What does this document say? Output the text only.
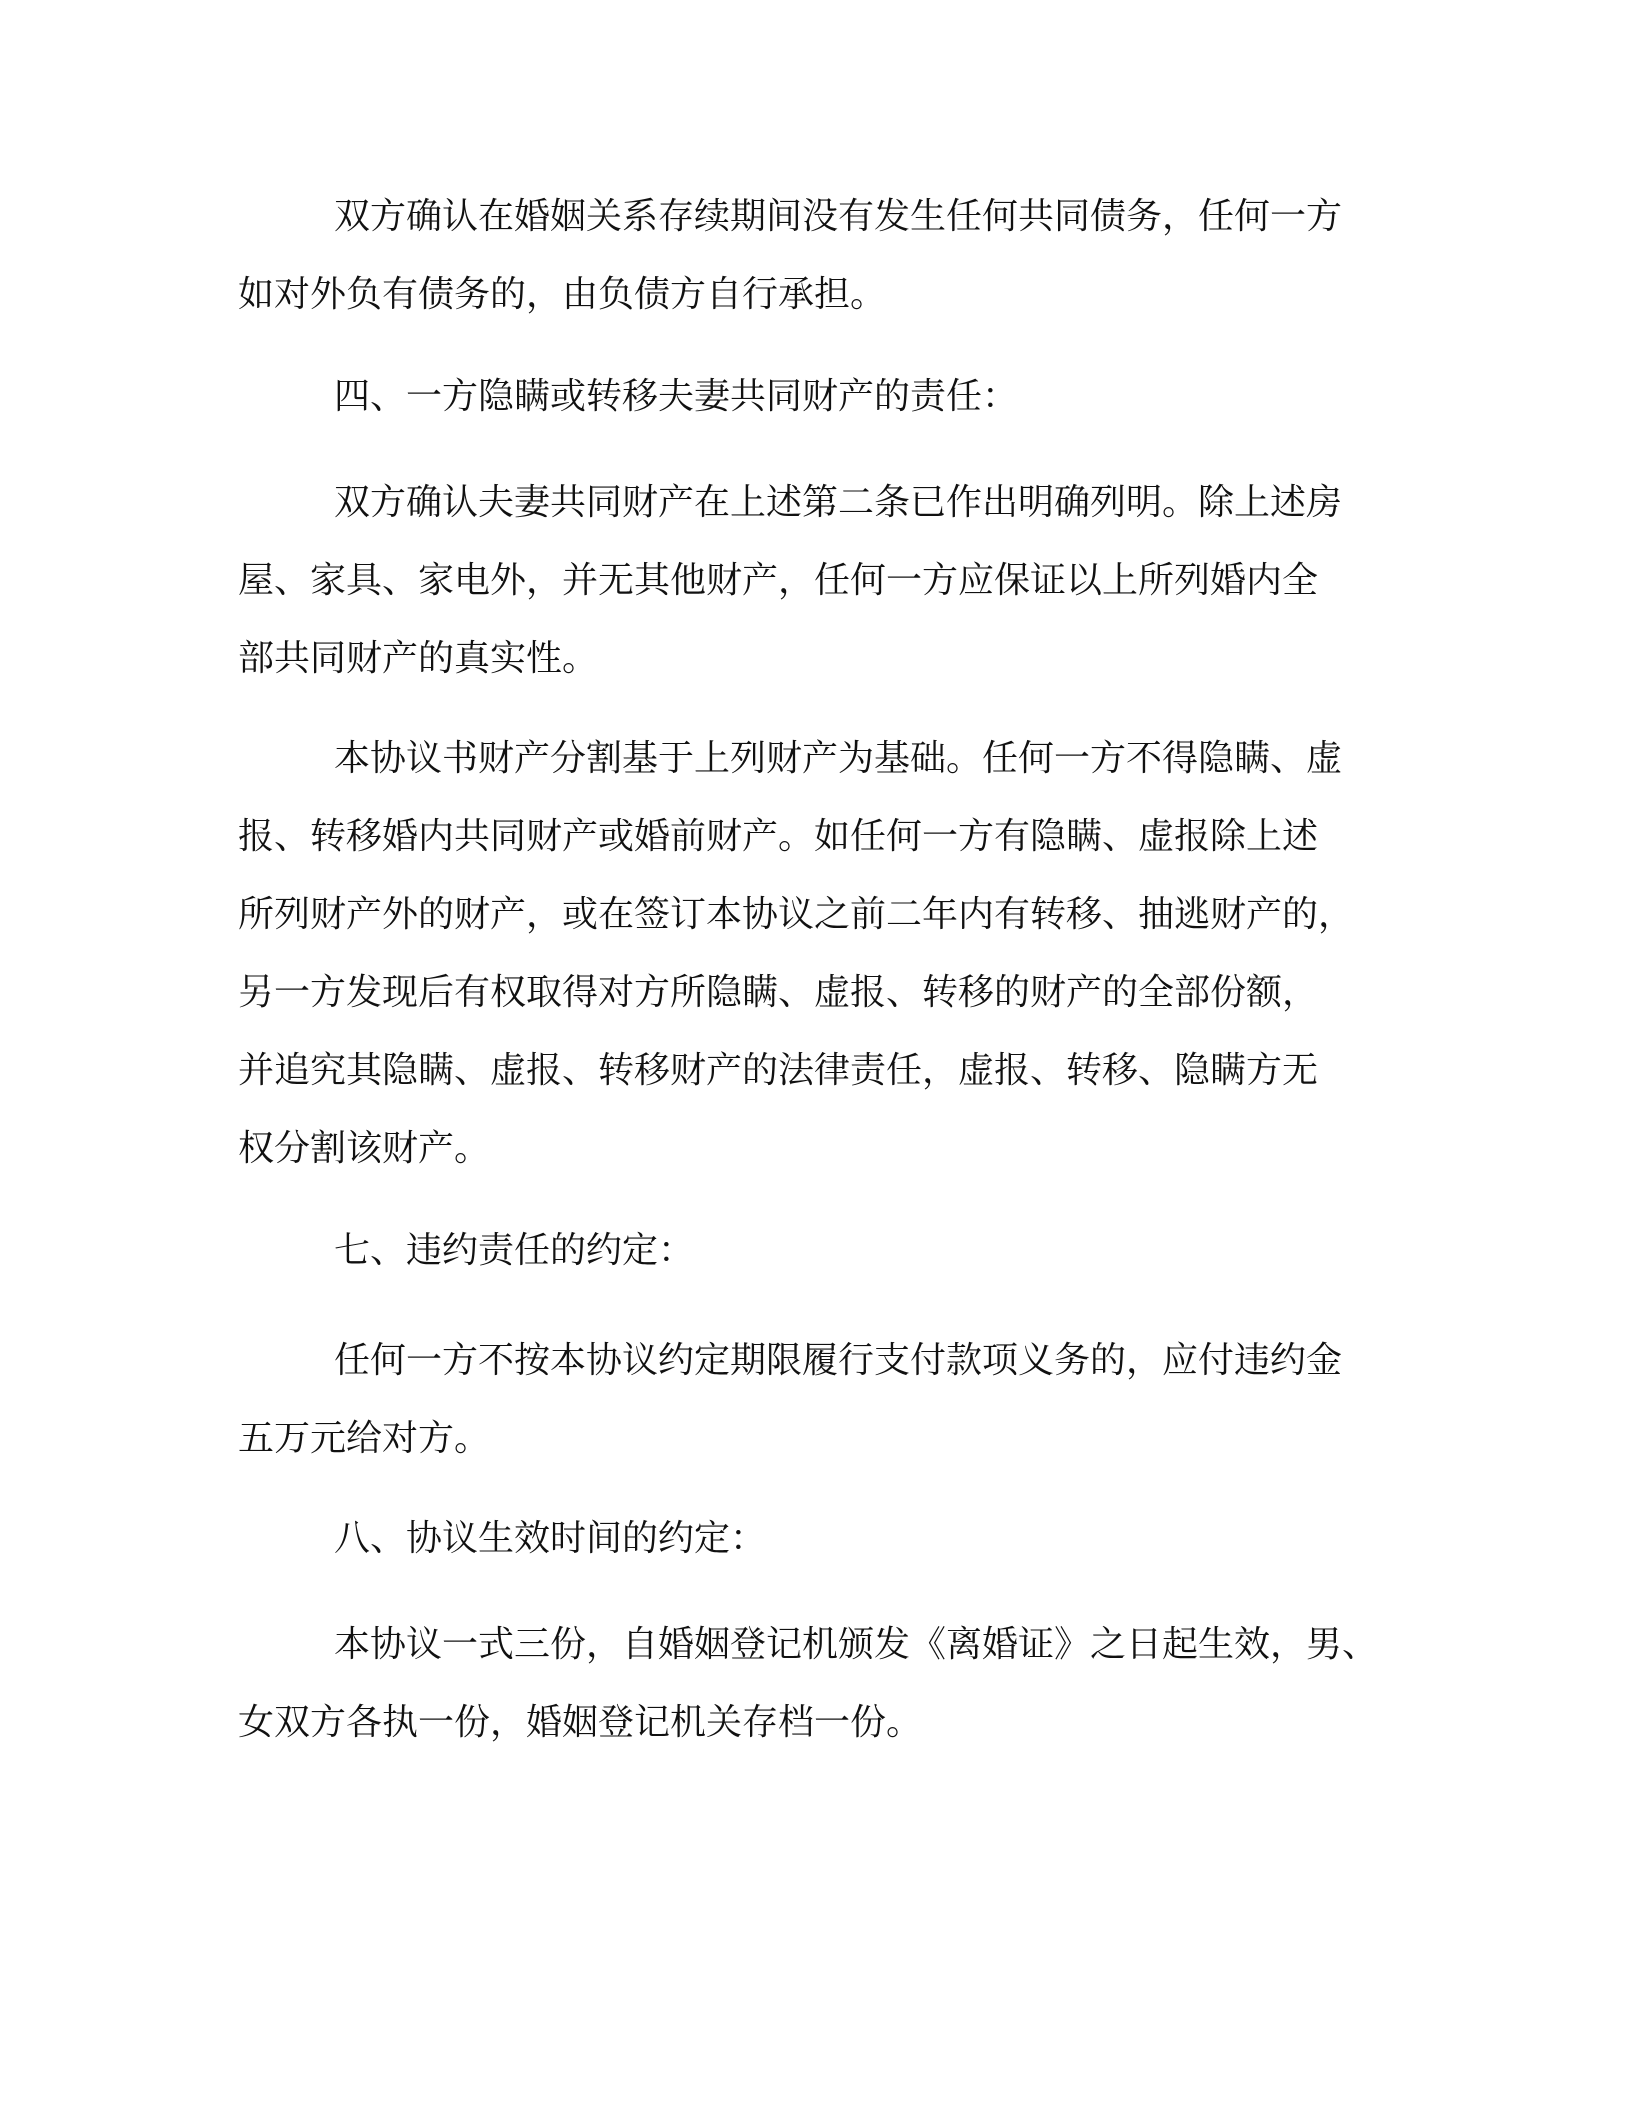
双方确认在婚姻关系存续期间没有发生任何共同债务，任何一方
如对外负有债务的，由负债方自行承担。
四、一方隐瞒或转移夫妻共同财产的责任：
双方确认夫妻共同财产在上述第二条已作出明确列明。除上述房
屋、家具、家电外，并无其他财产，任何一方应保证以上所列婚内全
部共同财产的真实性。
本协议书财产分割基于上列财产为基础。任何一方不得隐瞒、虚
报、转移婚内共同财产或婚前财产。如任何一方有隐瞒、虚报除上述
所列财产外的财产，或在签订本协议之前二年内有转移、抽逃财产的，
另一方发现后有权取得对方所隐瞒、虚报、转移的财产的全部份额，
并追究其隐瞒、虚报、转移财产的法律责任，虚报、转移、隐瞒方无
权分割该财产。
七、违约责任的约定：
任何一方不按本协议约定期限履行支付款项义务的，应付违约金
五万元给对方。
八、协议生效时间的约定：
本协议一式三份，自婚姻登记机颁发《离婚证》之日起生效，男、
女双方各执一份，婚姻登记机关存档一份。
